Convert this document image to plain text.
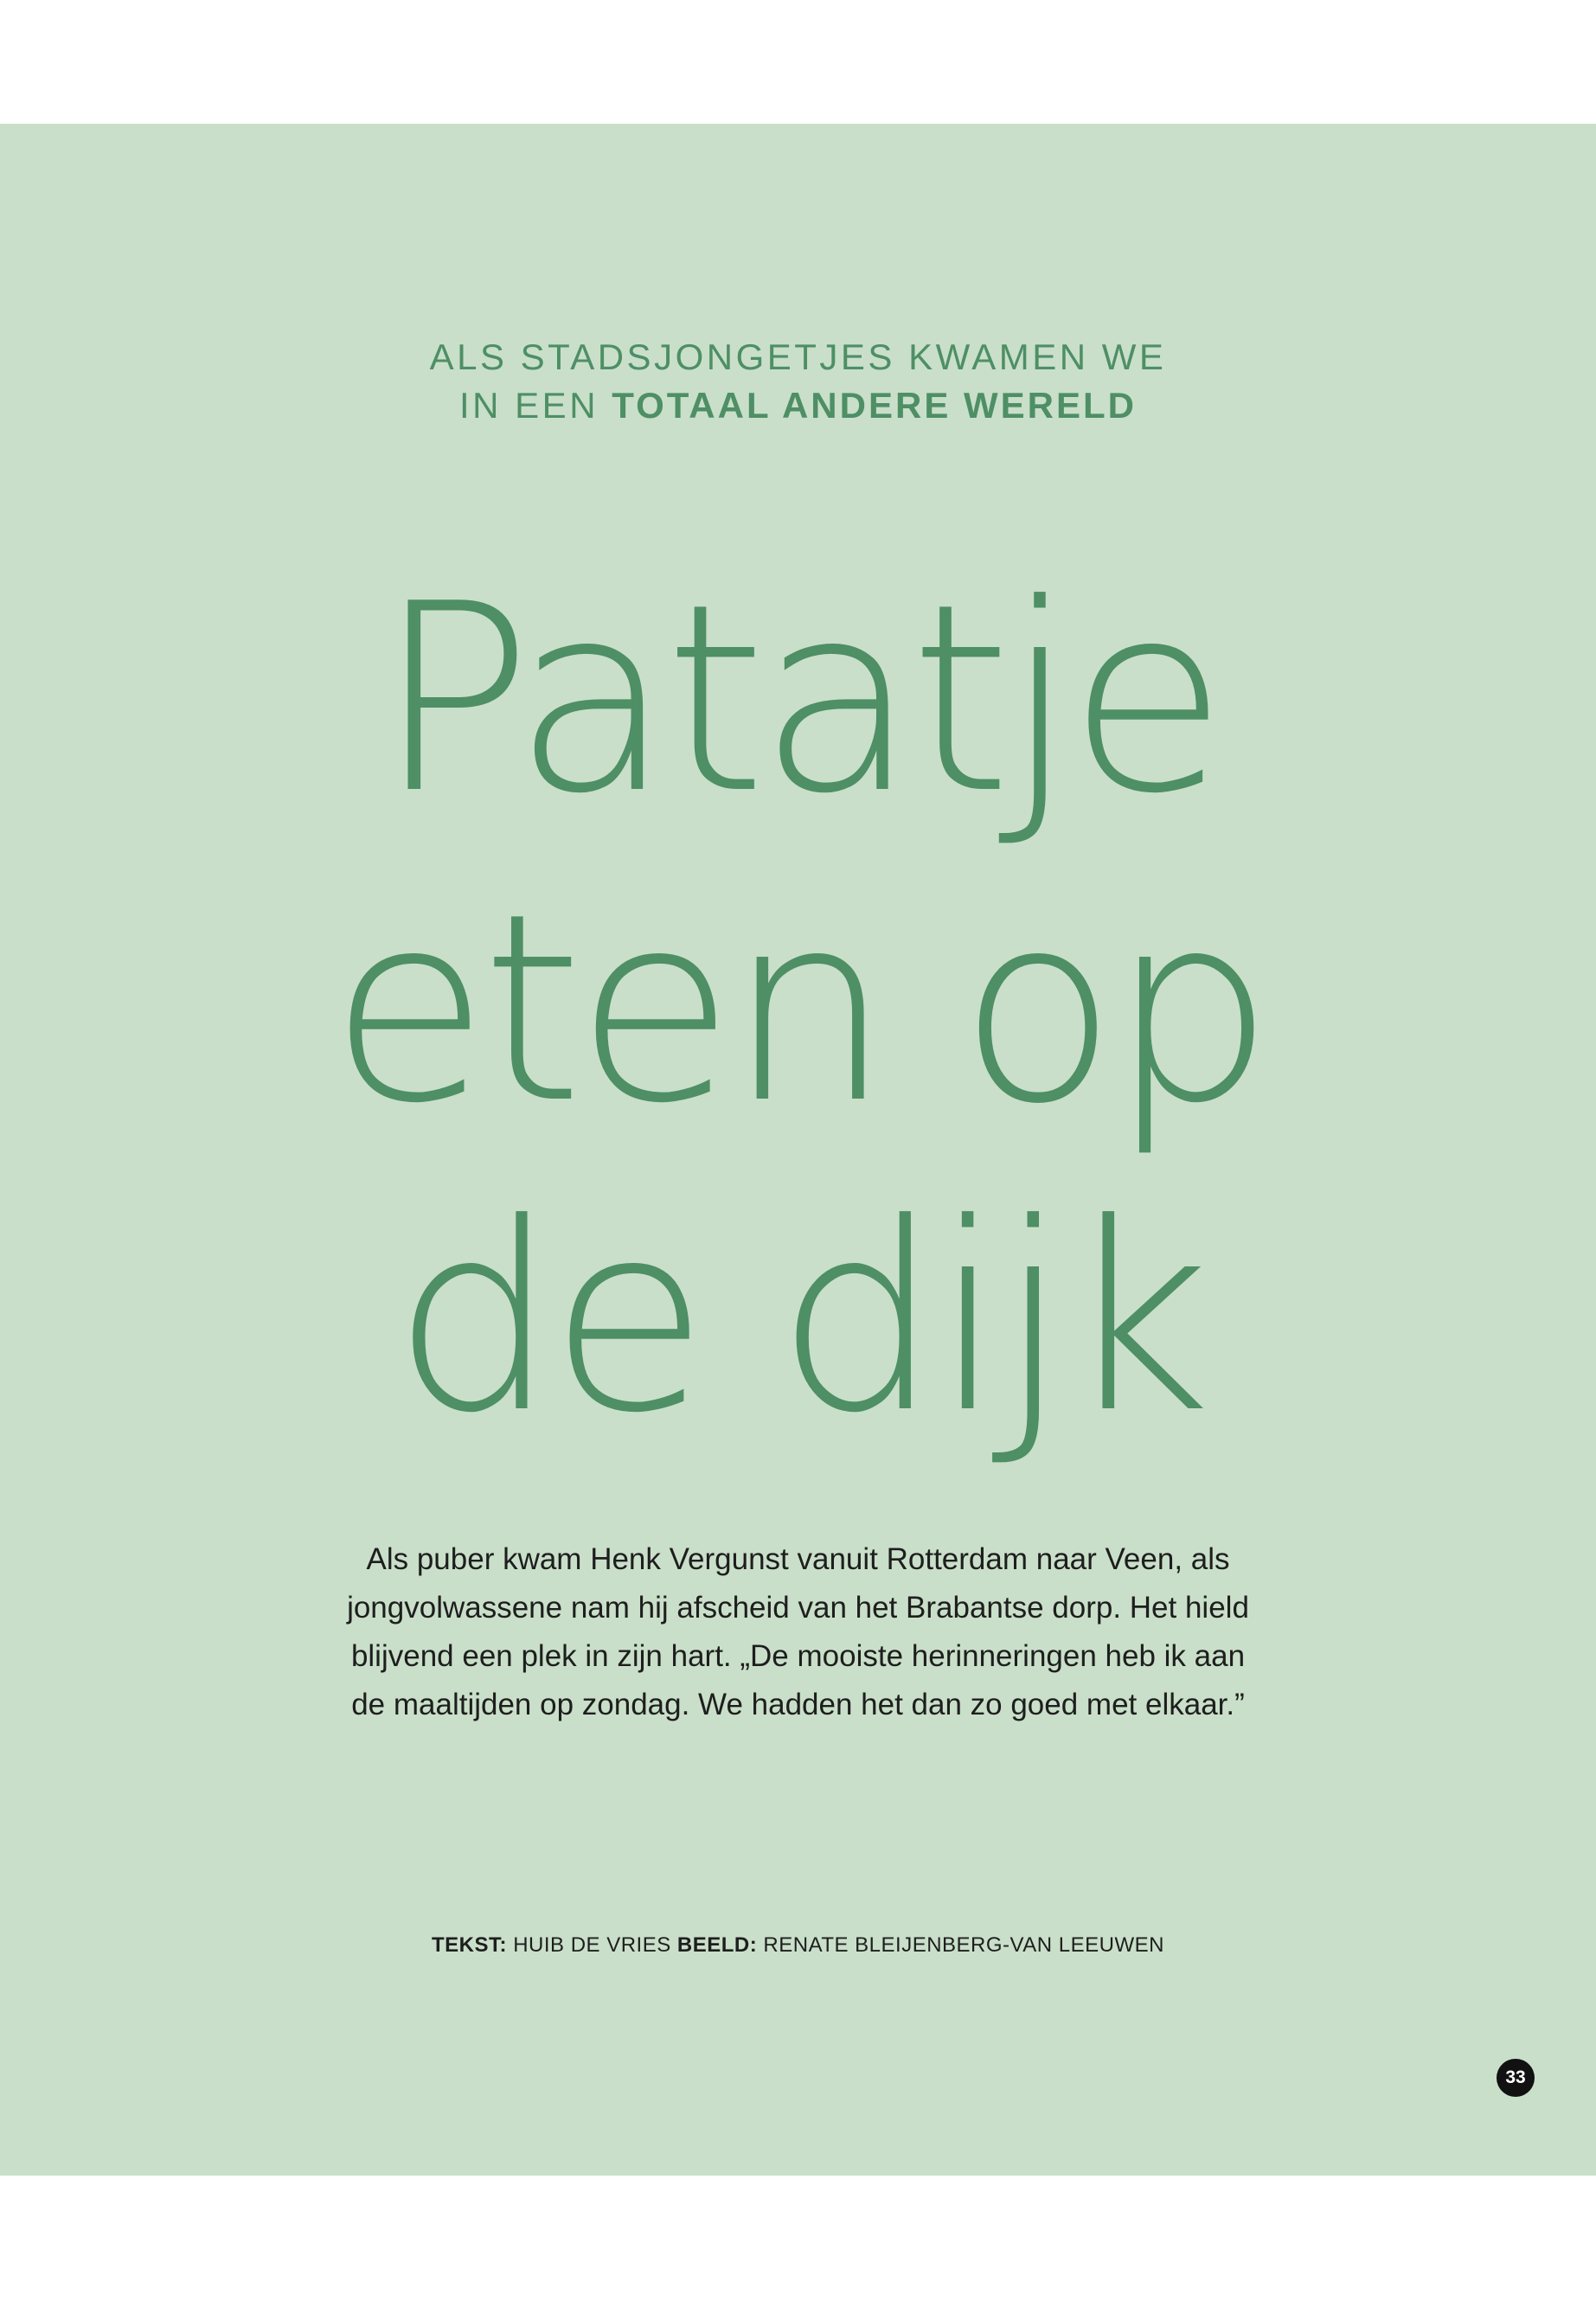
ALS STADSJONGETJES KWAMEN WE
IN EEN TOTAAL ANDERE WERELD
Patatje
eten op
de dijk
Als puber kwam Henk Vergunst vanuit Rotterdam naar Veen, als jongvolwassene nam hij afscheid van het Brabantse dorp. Het hield blijvend een plek in zijn hart. „De mooiste herinneringen heb ik aan de maaltijden op zondag. We hadden het dan zo goed met elkaar.”
TEKST: HUIB DE VRIES BEELD: RENATE BLEIJENBERG-VAN LEEUWEN
33
